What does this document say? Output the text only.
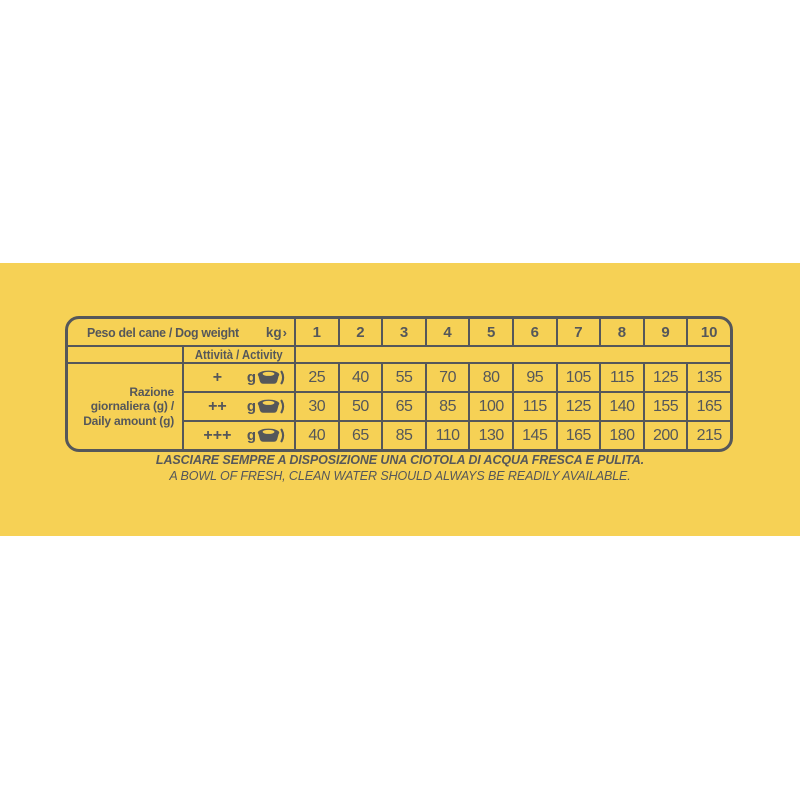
Peso del cane / Dog weight kg ›		1	2	3	4	5	6	7	8	9	10
	Attività / Activity										

Razione
giornaliera (g) /
Daily amount (g)

+	g	25	40	55	70	80	95	105	115	125	135

	++ g	30	50	65	85	100	115	125	140	155	165

	+++ g	40	65	85	110	130	145	165	180	200	215
LASCIARE SEMPRE A DISPOSIZIONE UNA CIOTOLA DI ACQUA FRESCA E PULITA.
A BOWL OF FRESH, CLEAN WATER SHOULD ALWAYS BE READILY AVAILABLE.
